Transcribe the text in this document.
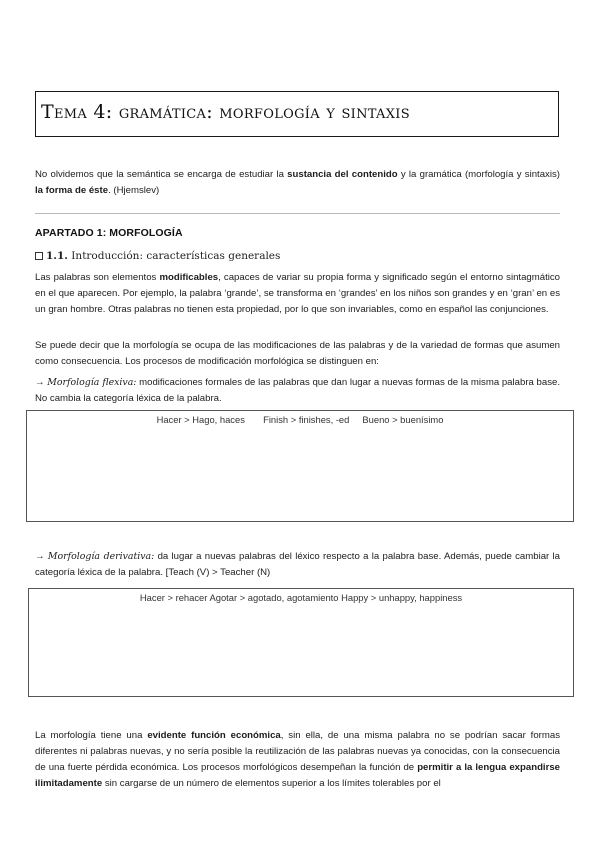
Tema 4: gramática: morfología y sintaxis

No olvidemos que la semántica se encarga de estudiar la sustancia del contenido y la gramática (morfología y sintaxis) la forma de éste. (Hjemslev)

APARTADO 1: MORFOLOGÍA
1.1. Introducción: características generales

Las palabras son elementos modificables, capaces de variar su propia forma y significado según el entorno sintagmático en el que aparecen. Por ejemplo, la palabra ‘grande’, se transforma en ‘grandes’ en los niños son grandes y en ‘gran’ en es un gran hombre. Otras palabras no tienen esta propiedad, por lo que son invariables, como en español las conjunciones.

Se puede decir que la morfología se ocupa de las modificaciones de las palabras y de la variedad de formas que asumen como consecuencia. Los procesos de modificación morfológica se distinguen en:

→ Morfología flexiva: modificaciones formales de las palabras que dan lugar a nuevas formas de la misma palabra base. No cambia la categoría léxica de la palabra.

Hacer > Hago, haces       Finish > finishes, -ed     Bueno > buenísimo

→ Morfología derivativa: da lugar a nuevas palabras del léxico respecto a la palabra base. Además, puede cambiar la categoría léxica de la palabra. [Teach (V) > Teacher (N)

Hacer > rehacer Agotar > agotado, agotamiento Happy > unhappy, happiness

La morfología tiene una evidente función económica, sin ella, de una misma palabra no se podrían sacar formas diferentes ni palabras nuevas, y no sería posible la reutilización de las palabras nuevas ya conocidas, con la consecuencia de una fuerte pérdida económica. Los procesos morfológicos desempeñan la función de permitir a la lengua expandirse ilimitadamente sin cargarse de un número de elementos superior a los límites tolerables por el
